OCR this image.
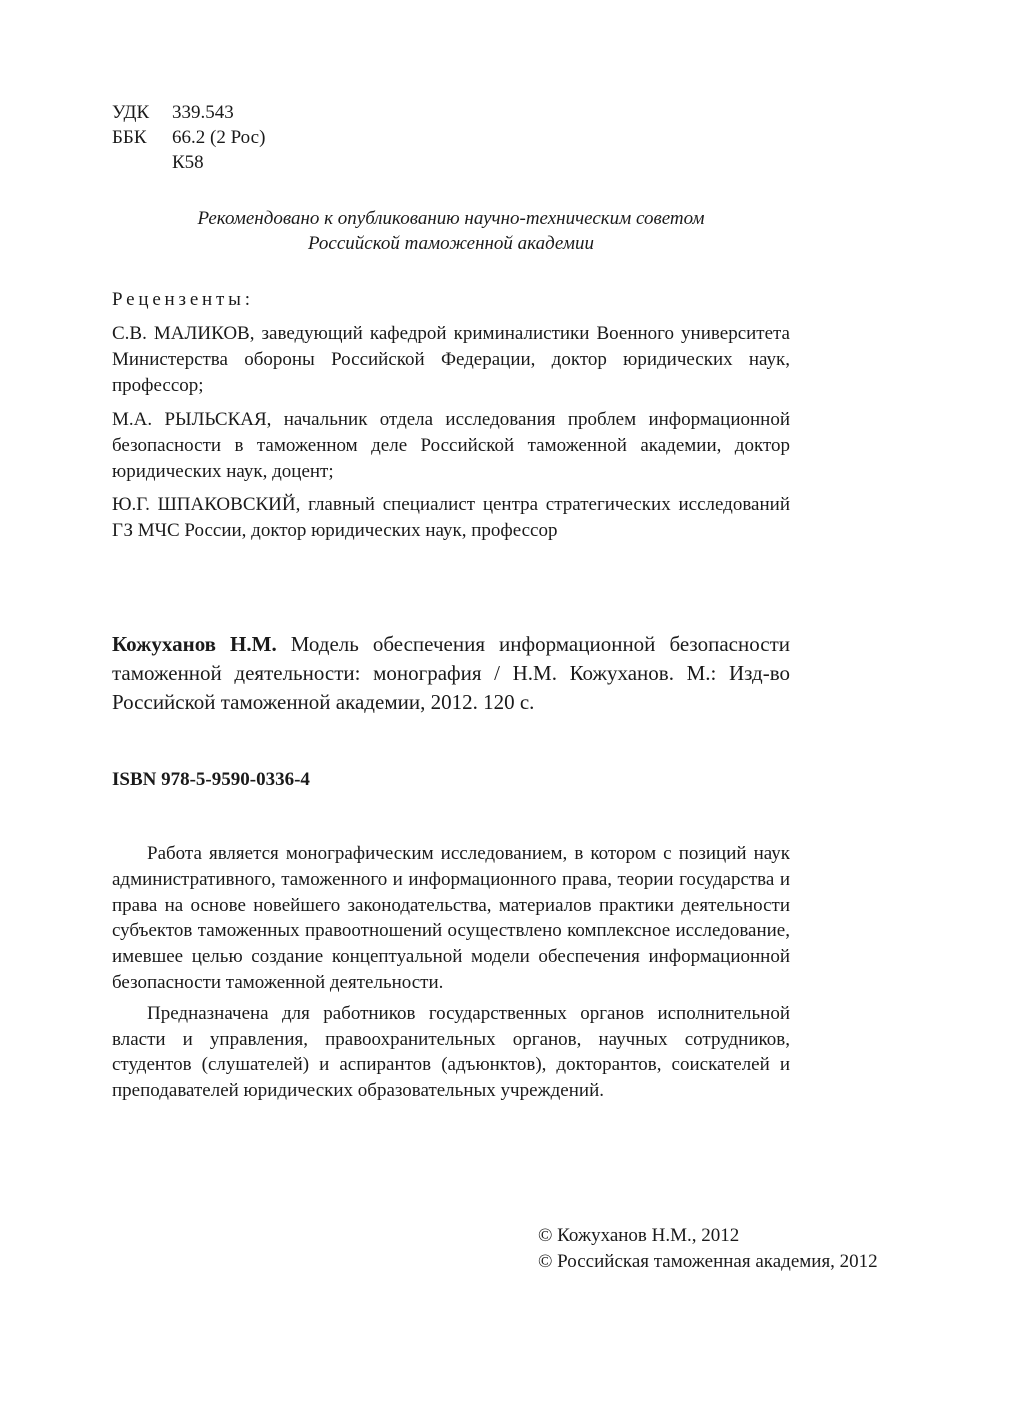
УДК	339.543
ББК	66.2 (2 Рос)
К58
Рекомендовано к опубликованию научно-техническим советом
Российской таможенной академии
Рецензенты:

С.В. МАЛИКОВ, заведующий кафедрой криминалистики Военного университета Министерства обороны Российской Федерации, доктор юридических наук, профессор;

М.А. РЫЛЬСКАЯ, начальник отдела исследования проблем информационной безопасности в таможенном деле Российской таможенной академии, доктор юридических наук, доцент;

Ю.Г. ШПАКОВСКИЙ, главный специалист центра стратегических исследований ГЗ МЧС России, доктор юридических наук, профессор

Кожуханов Н.М. Модель обеспечения информационной безопасности таможенной деятельности: монография / Н.М. Кожуханов. М.: Изд-во Российской таможенной академии, 2012. 120 с.
ISBN 978-5-9590-0336-4

Работа является монографическим исследованием, в котором с позиций наук административного, таможенного и информационного права, теории государства и права на основе новейшего законодательства, материалов практики деятельности субъектов таможенных правоотношений осуществлено комплексное исследование, имевшее целью создание концептуальной модели обеспечения информационной безопасности таможенной деятельности.

Предназначена для работников государственных органов исполнительной власти и управления, правоохранительных органов, научных сотрудников, студентов (слушателей) и аспирантов (адъюнктов), докторантов, соискателей и преподавателей юридических образовательных учреждений.

© Кожуханов Н.М., 2012
© Российская таможенная академия, 2012
